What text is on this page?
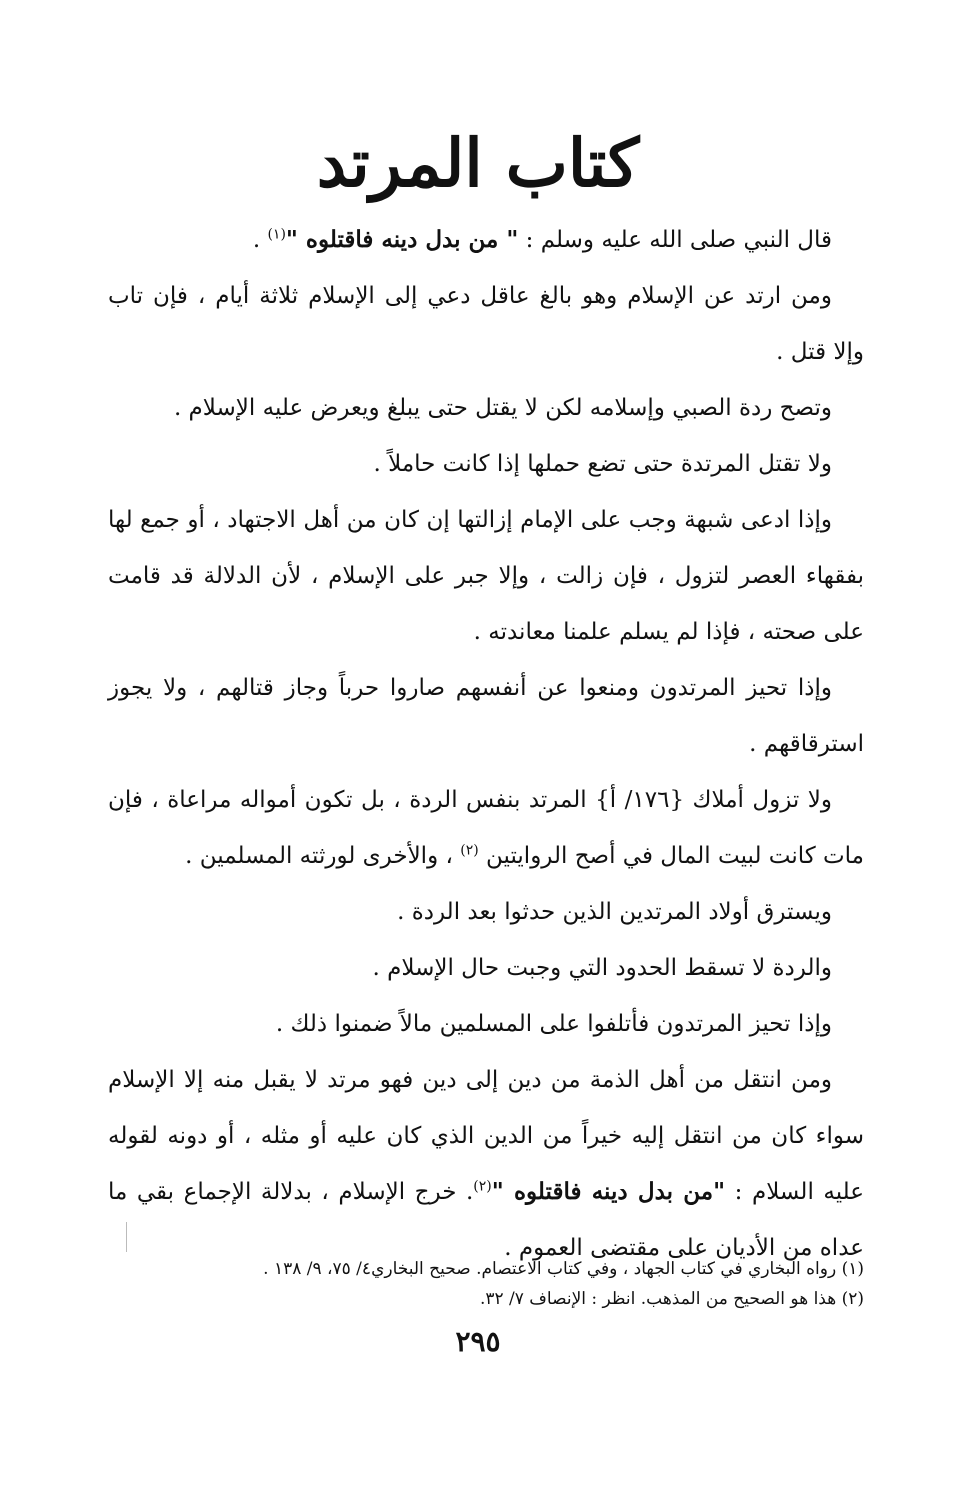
كتاب المرتد

قال النبي صلى الله عليه وسلم : " من بدل دينه فاقتلوه "$^{(١)}$ .

ومن ارتد عن الإسلام وهو بالغ عاقل دعي إلى الإسلام ثلاثة أيام ، فإن تاب وإلا قتل .

وتصح ردة الصبي وإسلامه لكن لا يقتل حتى يبلغ ويعرض عليه الإسلام .

ولا تقتل المرتدة حتى تضع حملها إذا كانت حاملاً .

وإذا ادعى شبهة وجب على الإمام إزالتها إن كان من أهل الاجتهاد ، أو جمع لها بفقهاء العصر لتزول ، فإن زالت ، وإلا جبر على الإسلام ، لأن الدلالة قد قامت على صحته ، فإذا لم يسلم علمنا معاندته .

وإذا تحيز المرتدون ومنعوا عن أنفسهم صاروا حرباً وجاز قتالهم ، ولا يجوز استرقاقهم .

ولا تزول أملاك {١٧٦/ أ} المرتد بنفس الردة ، بل تكون أمواله مراعاة ، فإن مات كانت لبيت المال في أصح الروايتين $^{(٢)}$ ، والأخرى لورثته المسلمين .

ويسترق أولاد المرتدين الذين حدثوا بعد الردة .

والردة لا تسقط الحدود التي وجبت حال الإسلام .

وإذا تحيز المرتدون فأتلفوا على المسلمين مالاً ضمنوا ذلك .

ومن انتقل من أهل الذمة من دين إلى دين فهو مرتد لا يقبل منه إلا الإسلام سواء كان من انتقل إليه خيراً من الدين الذي كان عليه أو مثله ، أو دونه لقوله عليه السلام : "من بدل دينه فاقتلوه "$^{(٢)}$. خرج الإسلام ، بدلالة الإجماع بقي ما عداه من الأديان على مقتضى العموم .

(١) رواه البخاري في كتاب الجهاد ، وفي كتاب الاعتصام. صحيح البخاري٤/ ٧٥، ٩/ ١٣٨ .

(٢) هذا هو الصحيح من المذهب. انظر : الإنصاف ٧/ ٣٢.

٢٩٥
